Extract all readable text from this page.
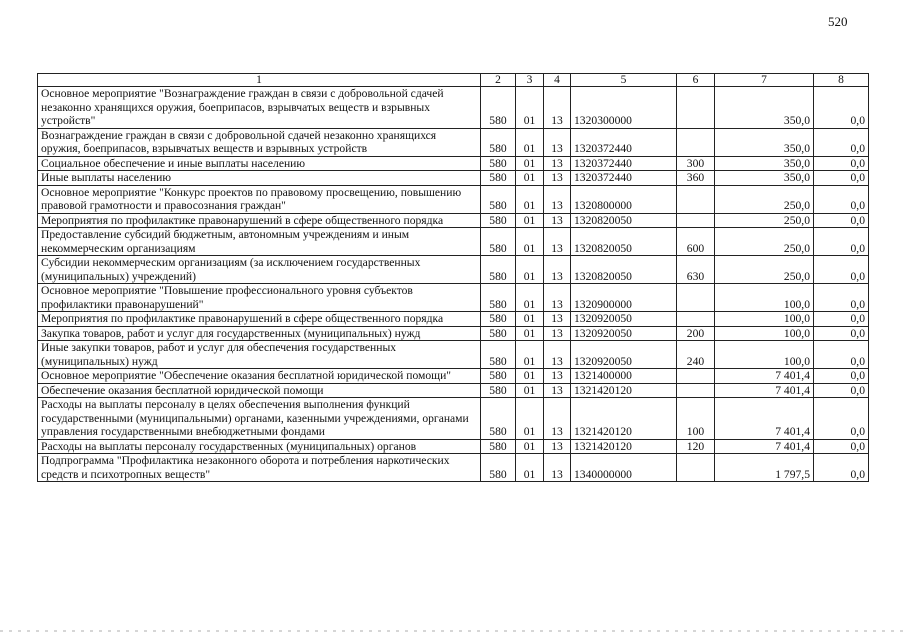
520
1	2	3	4	5	6	7	8
Основное мероприятие "Вознаграждение граждан в связи с добровольной сдачей незаконно хранящихся оружия, боеприпасов, взрывчатых веществ и взрывных устройств"	580	01	13	1320300000		350,0	0,0
Вознаграждение граждан в связи с добровольной сдачей незаконно хранящихся оружия, боеприпасов, взрывчатых веществ и взрывных устройств	580	01	13	1320372440		350,0	0,0
Социальное обеспечение и иные выплаты населению	580	01	13	1320372440	300	350,0	0,0
Иные выплаты населению	580	01	13	1320372440	360	350,0	0,0
Основное мероприятие "Конкурс проектов по правовому просвещению, повышению правовой грамотности и правосознания граждан"	580	01	13	1320800000		250,0	0,0
Мероприятия по профилактике правонарушений в сфере общественного порядка	580	01	13	1320820050		250,0	0,0
Предоставление субсидий бюджетным, автономным учреждениям и иным некоммерческим организациям	580	01	13	1320820050	600	250,0	0,0
Субсидии некоммерческим организациям (за исключением государственных (муниципальных) учреждений)	580	01	13	1320820050	630	250,0	0,0
Основное мероприятие "Повышение профессионального уровня субъектов профилактики правонарушений"	580	01	13	1320900000		100,0	0,0
Мероприятия по профилактике правонарушений в сфере общественного порядка	580	01	13	1320920050		100,0	0,0
Закупка товаров, работ и услуг для государственных (муниципальных) нужд	580	01	13	1320920050	200	100,0	0,0
Иные закупки товаров, работ и услуг для обеспечения государственных (муниципальных) нужд	580	01	13	1320920050	240	100,0	0,0
Основное мероприятие "Обеспечение оказания бесплатной юридической помощи"	580	01	13	1321400000		7 401,4	0,0
Обеспечение оказания бесплатной юридической помощи	580	01	13	1321420120		7 401,4	0,0
Расходы на выплаты персоналу в целях обеспечения выполнения функций государственными (муниципальными) органами, казенными учреждениями, органами управления государственными внебюджетными фондами	580	01	13	1321420120	100	7 401,4	0,0
Расходы на выплаты персоналу государственных (муниципальных) органов	580	01	13	1321420120	120	7 401,4	0,0
Подпрограмма "Профилактика незаконного оборота и потребления наркотических средств и психотропных веществ"	580	01	13	1340000000		1 797,5	0,0
